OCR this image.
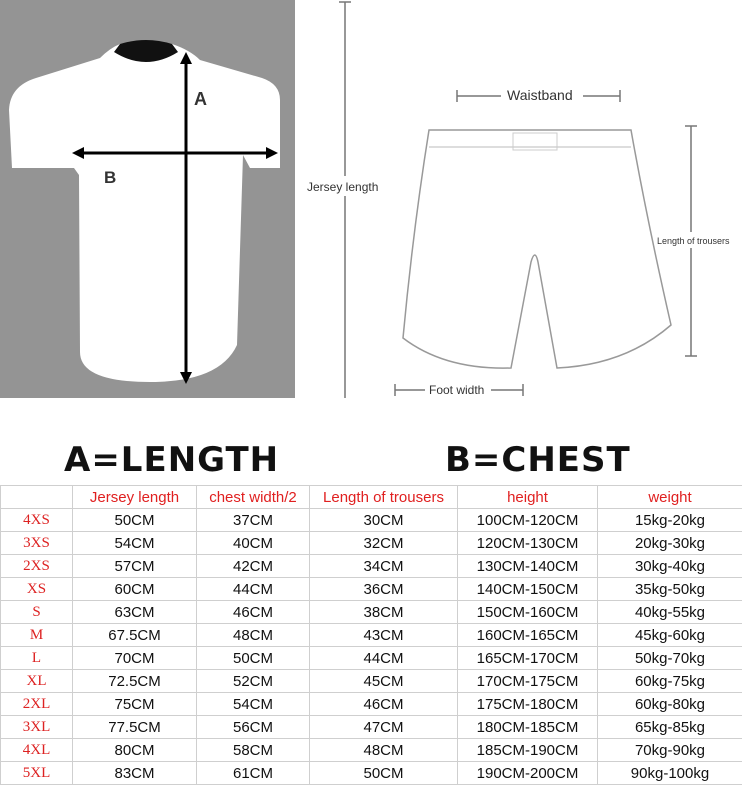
A
B	Jersey length
Waistband
Length of trousers
Foot width
A=LENGTH	B=CHEST
	Jersey length	chest width/2	Length of trousers	height	weight
4XS	50CM	37CM	30CM	100CM-120CM	15kg-20kg
3XS	54CM	40CM	32CM	120CM-130CM	20kg-30kg
2XS	57CM	42CM	34CM	130CM-140CM	30kg-40kg
XS	60CM	44CM	36CM	140CM-150CM	35kg-50kg
S	63CM	46CM	38CM	150CM-160CM	40kg-55kg
M	67.5CM	48CM	43CM	160CM-165CM	45kg-60kg
L	70CM	50CM	44CM	165CM-170CM	50kg-70kg
XL	72.5CM	52CM	45CM	170CM-175CM	60kg-75kg
2XL	75CM	54CM	46CM	175CM-180CM	60kg-80kg
3XL	77.5CM	56CM	47CM	180CM-185CM	65kg-85kg
4XL	80CM	58CM	48CM	185CM-190CM	70kg-90kg
5XL	83CM	61CM	50CM	190CM-200CM	90kg-100kg
